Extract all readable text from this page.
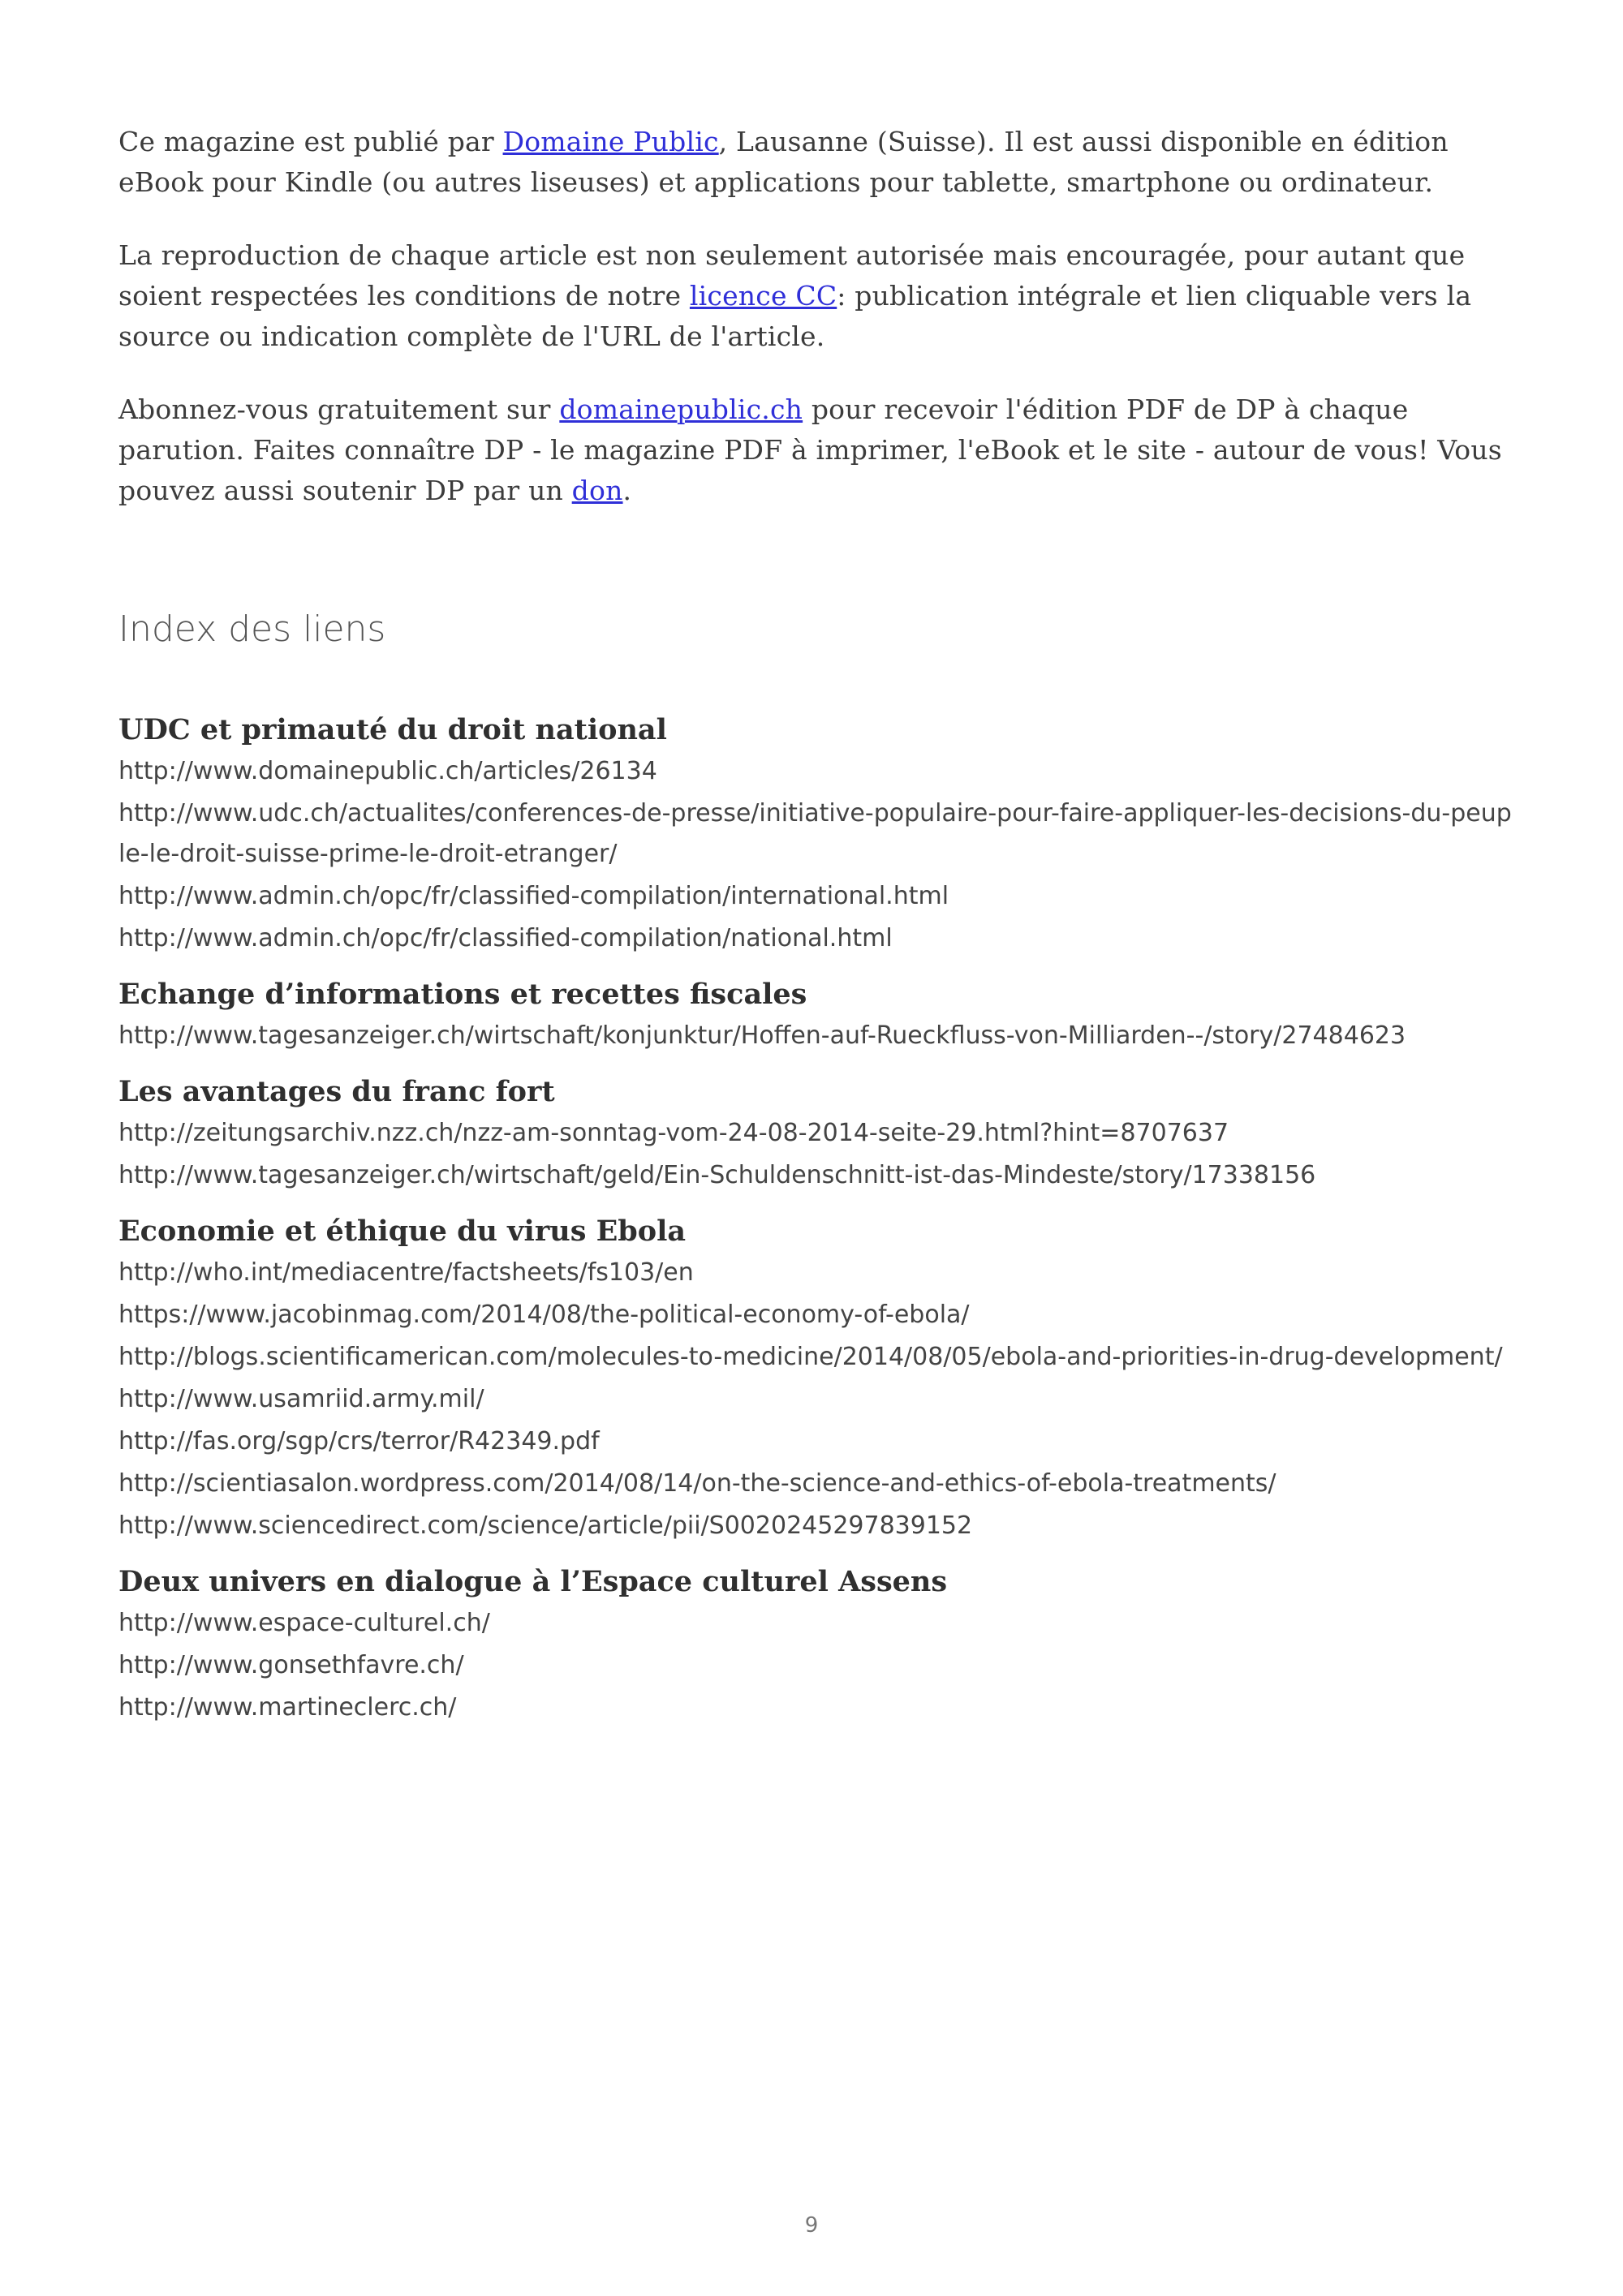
Ce magazine est publié par Domaine Public, Lausanne (Suisse). Il est aussi disponible en édition eBook pour Kindle (ou autres liseuses) et applications pour tablette, smartphone ou ordinateur.

La reproduction de chaque article est non seulement autorisée mais encouragée, pour autant que soient respectées les conditions de notre licence CC: publication intégrale et lien cliquable vers la source ou indication complète de l'URL de l'article.

Abonnez-vous gratuitement sur domainepublic.ch pour recevoir l'édition PDF de DP à chaque parution. Faites connaître DP - le magazine PDF à imprimer, l'eBook et le site - autour de vous! Vous pouvez aussi soutenir DP par un don.

Index des liens
UDC et primauté du droit national
http://www.domainepublic.ch/articles/26134
http://www.udc.ch/actualites/conferences-de-presse/initiative-populaire-pour-faire-appliquer-les-decisions-du-peuple-le-droit-suisse-prime-le-droit-etranger/
http://www.admin.ch/opc/fr/classified-compilation/international.html
http://www.admin.ch/opc/fr/classified-compilation/national.html
Echange d’informations et recettes fiscales
http://www.tagesanzeiger.ch/wirtschaft/konjunktur/Hoffen-auf-Rueckfluss-von-Milliarden--/story/27484623
Les avantages du franc fort
http://zeitungsarchiv.nzz.ch/nzz-am-sonntag-vom-24-08-2014-seite-29.html?hint=8707637
http://www.tagesanzeiger.ch/wirtschaft/geld/Ein-Schuldenschnitt-ist-das-Mindeste/story/17338156
Economie et éthique du virus Ebola
http://who.int/mediacentre/factsheets/fs103/en
https://www.jacobinmag.com/2014/08/the-political-economy-of-ebola/
http://blogs.scientificamerican.com/molecules-to-medicine/2014/08/05/ebola-and-priorities-in-drug-development/
http://www.usamriid.army.mil/
http://fas.org/sgp/crs/terror/R42349.pdf
http://scientiasalon.wordpress.com/2014/08/14/on-the-science-and-ethics-of-ebola-treatments/
http://www.sciencedirect.com/science/article/pii/S0020245297839152
Deux univers en dialogue à l’Espace culturel Assens
http://www.espace-culturel.ch/
http://www.gonsethfavre.ch/
http://www.martineclerc.ch/
9
